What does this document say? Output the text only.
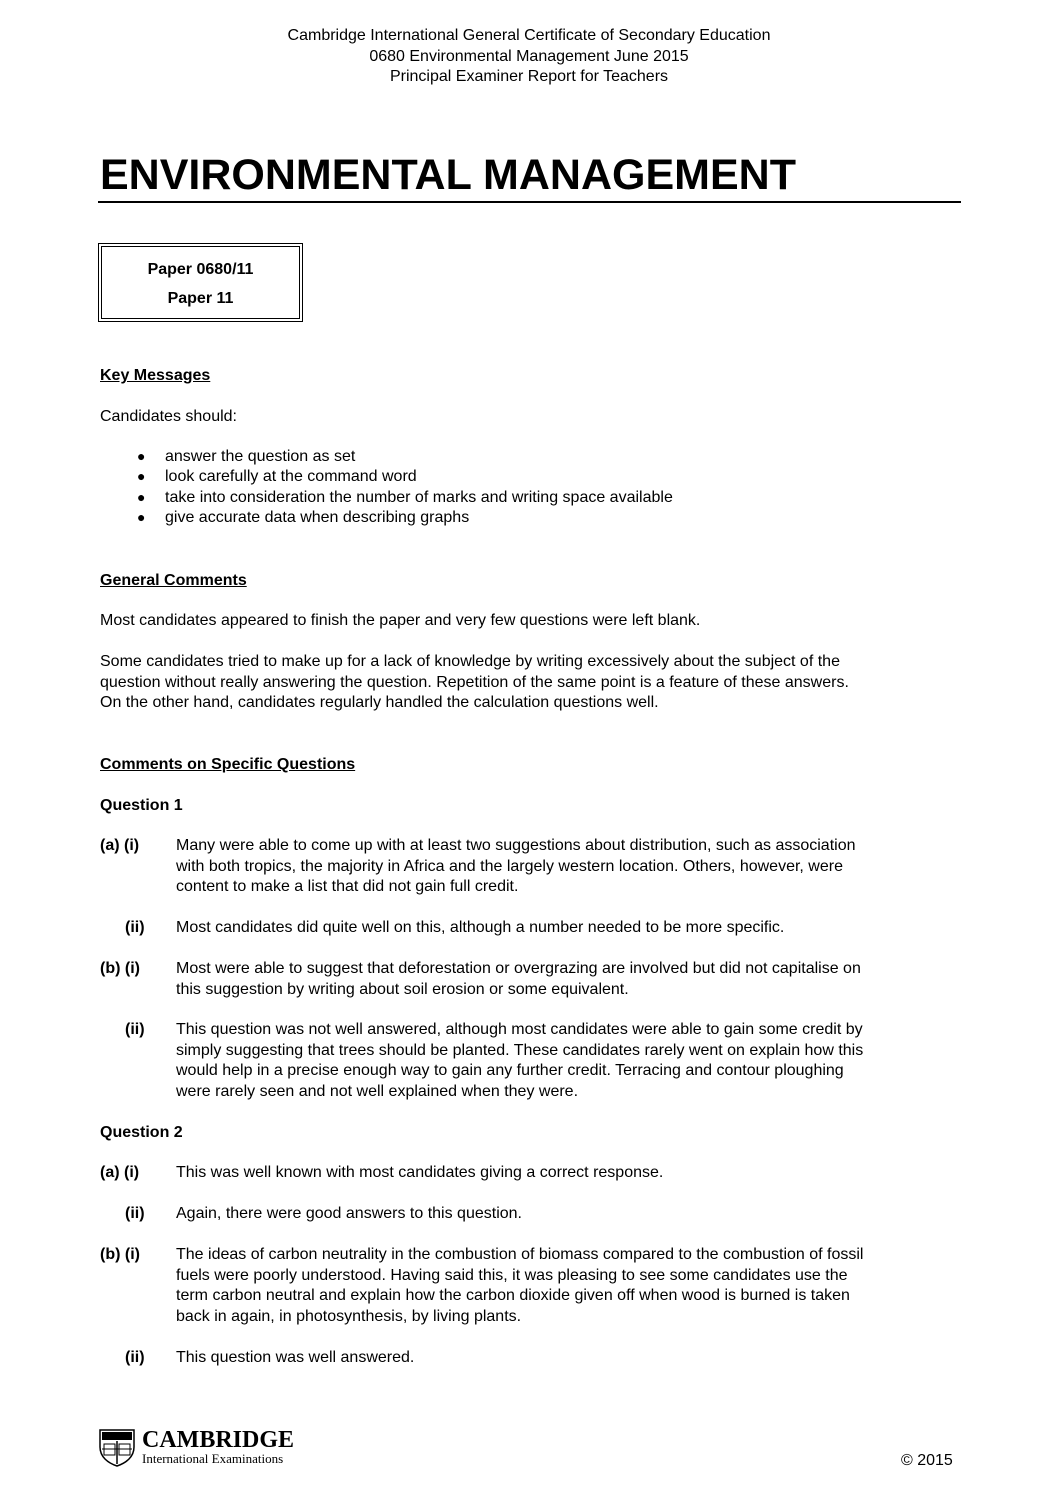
Cambridge International General Certificate of Secondary Education
0680 Environmental Management June 2015
Principal Examiner Report for Teachers
ENVIRONMENTAL MANAGEMENT
Paper 0680/11
Paper 11
Key Messages
Candidates should:
● answer the question as set
● look carefully at the command word
● take into consideration the number of marks and writing space available
● give accurate data when describing graphs
General Comments
Most candidates appeared to finish the paper and very few questions were left blank.
Some candidates tried to make up for a lack of knowledge by writing excessively about the subject of the
question without really answering the question. Repetition of the same point is a feature of these answers.
On the other hand, candidates regularly handled the calculation questions well.
Comments on Specific Questions
Question 1
(a) (i) Many were able to come up with at least two suggestions about distribution, such as association
with both tropics, the majority in Africa and the largely western location. Others, however, were
content to make a list that did not gain full credit.
(ii) Most candidates did quite well on this, although a number needed to be more specific.
(b) (i) Most were able to suggest that deforestation or overgrazing are involved but did not capitalise on
this suggestion by writing about soil erosion or some equivalent.
(ii) This question was not well answered, although most candidates were able to gain some credit by
simply suggesting that trees should be planted. These candidates rarely went on explain how this
would help in a precise enough way to gain any further credit. Terracing and contour ploughing
were rarely seen and not well explained when they were.
Question 2
(a) (i) This was well known with most candidates giving a correct response.
(ii) Again, there were good answers to this question.
(b) (i) The ideas of carbon neutrality in the combustion of biomass compared to the combustion of fossil
fuels were poorly understood. Having said this, it was pleasing to see some candidates use the
term carbon neutral and explain how the carbon dioxide given off when wood is burned is taken
back in again, in photosynthesis, by living plants.
(ii) This question was well answered.
CAMBRIDGE
International Examinations	© 2015
